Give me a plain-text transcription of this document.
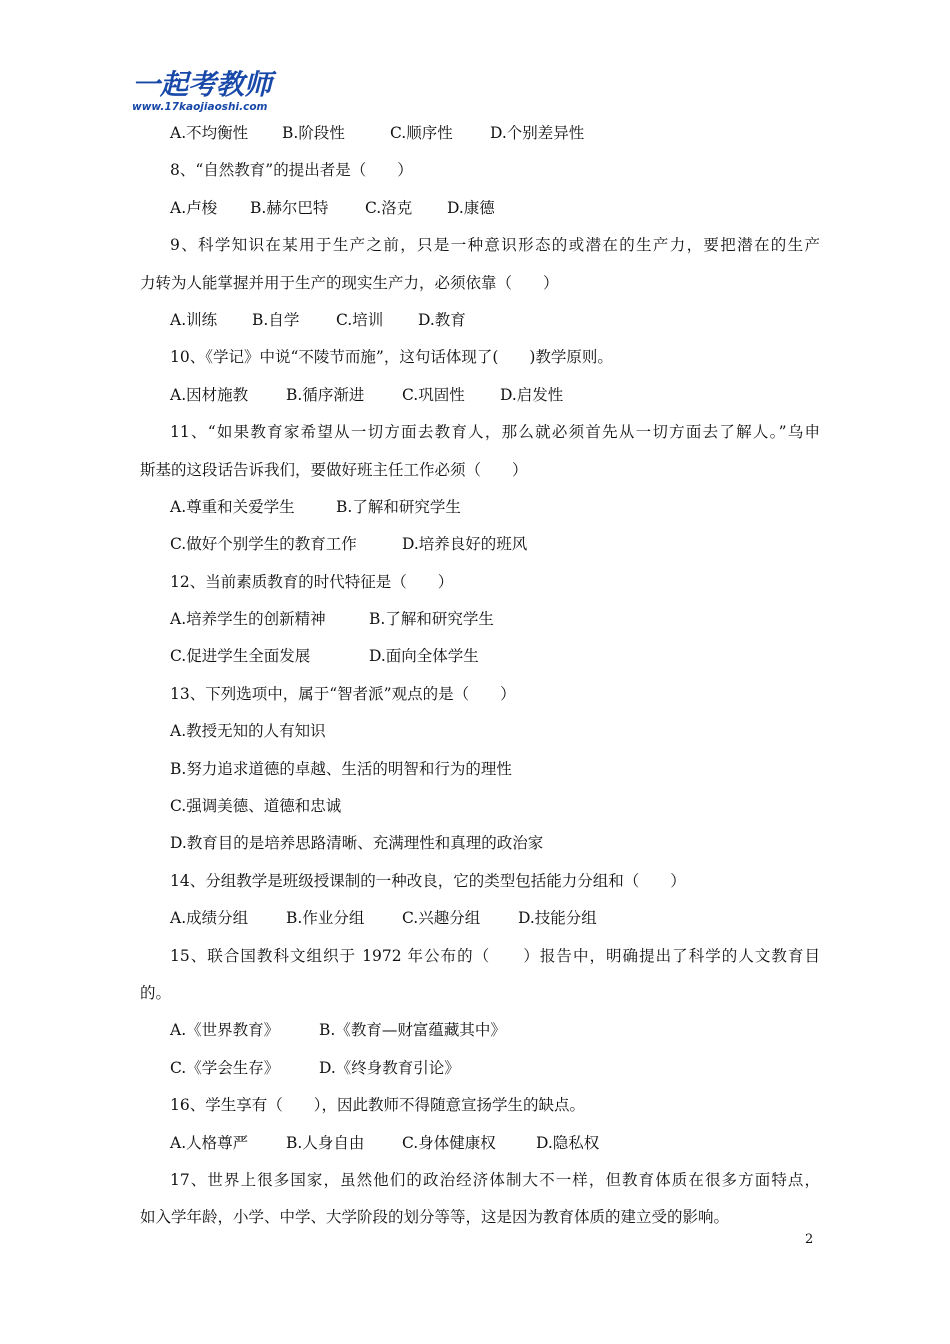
一起考教师
www.17kaojiaoshi.com
A.不均衡性 B.阶段性	C.顺序性 D.个别差异性
8、“自然教育”的提出者是（　　）
A.卢梭 B.赫尔巴特 C.洛克 D.康德
9、科学知识在某用于生产之前，只是一种意识形态的或潜在的生产力，要把潜在的生产
力转为人能掌握并用于生产的现实生产力，必须依靠（　　）
A.训练 B.自学 C.培训 D.教育
10、《学记》中说“不陵节而施”，这句话体现了(　　)教学原则。
A.因材施教 B.循序渐进 C.巩固性 D.启发性
11、“如果教育家希望从一切方面去教育人，那么就必须首先从一切方面去了解人。”乌申
斯基的这段话告诉我们，要做好班主任工作必须（　　）
A.尊重和关爱学生	B.了解和研究学生
C.做好个别学生的教育工作	D.培养良好的班风
12、当前素质教育的时代特征是（　　）
A.培养学生的创新精神	B.了解和研究学生
C.促进学生全面发展	D.面向全体学生
13、下列选项中，属于“智者派”观点的是（　　）
A.教授无知的人有知识
B.努力追求道德的卓越、生活的明智和行为的理性
C.强调美德、道德和忠诚
D.教育目的是培养思路清晰、充满理性和真理的政治家
14、分组教学是班级授课制的一种改良，它的类型包括能力分组和（　　）
A.成绩分组 B.作业分组 C.兴趣分组 D.技能分组
15、联合国教科文组织于 1972 年公布的（　　）报告中，明确提出了科学的人文教育目
的。
A.《世界教育》	B.《教育—财富蕴藏其中》
C.《学会生存》	D.《终身教育引论》
16、学生享有（　　），因此教师不得随意宣扬学生的缺点。
A.人格尊严 B.人身自由 C.身体健康权	D.隐私权
17、世界上很多国家，虽然他们的政治经济体制大不一样，但教育体质在很多方面特点，
如入学年龄，小学、中学、大学阶段的划分等等，这是因为教育体质的建立受的影响。
2
